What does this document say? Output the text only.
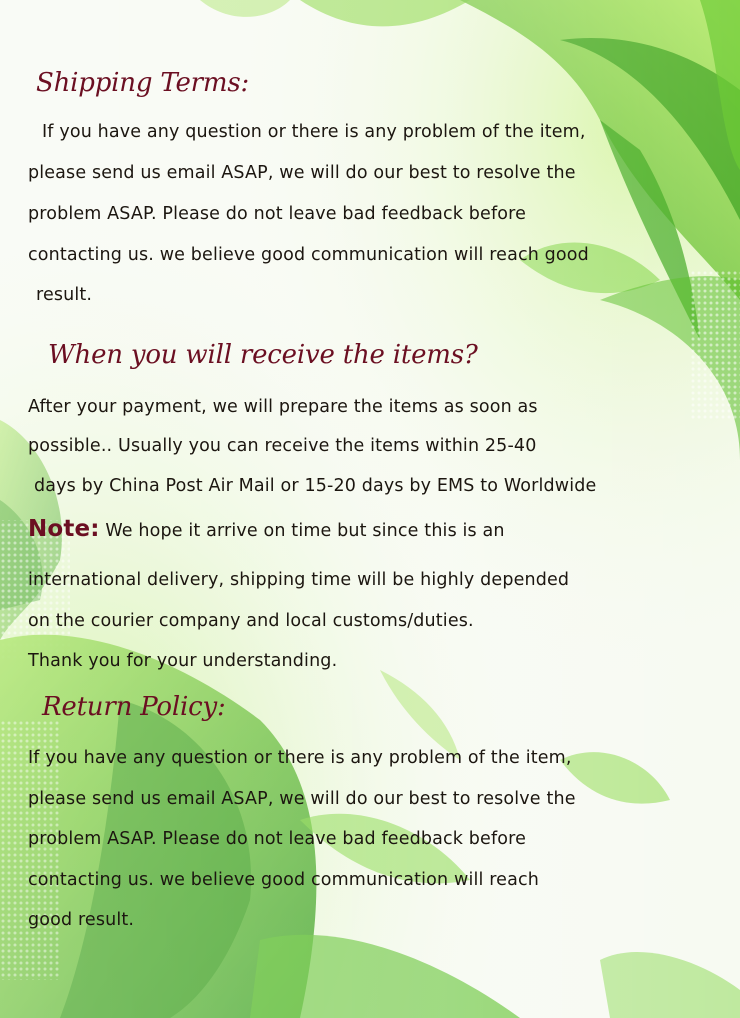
Shipping Terms:

If you have any question or there is any problem of the item,

please send us email ASAP, we will do our best to resolve the

problem ASAP. Please do not leave bad feedback before

contacting us. we believe good communication will reach good

result.

When you will receive the items?

After your payment, we will prepare the items as soon as

possible.. Usually you can receive the items within 25-40

days by China Post Air Mail or 15-20 days by EMS to Worldwide

Note: We hope it arrive on time but since this is an

international delivery, shipping time will be highly depended

on the courier company and local customs/duties.

Thank you for your understanding.

Return Policy:

If you have any question or there is any problem of the item,

please send us email ASAP, we will do our best to resolve the

problem ASAP. Please do not leave bad feedback before

contacting us. we believe good communication will reach

good result.
